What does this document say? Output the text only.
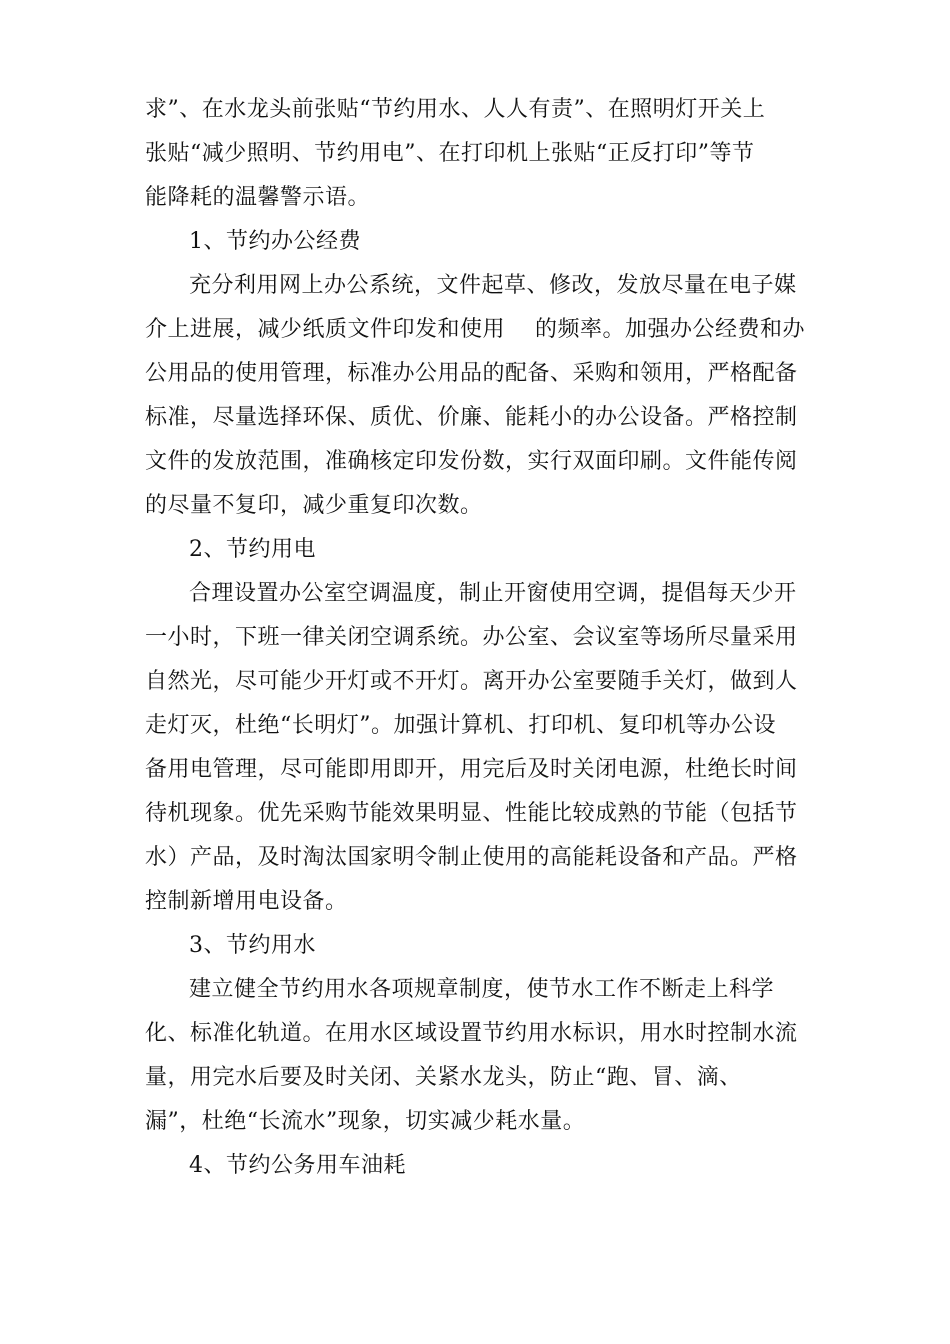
求”、在水龙头前张贴“节约用水、人人有责”、在照明灯开关上
张贴“减少照明、节约用电”、在打印机上张贴“正反打印”等节
能降耗的温馨警示语。
1、节约办公经费
充分利用网上办公系统，文件起草、修改，发放尽量在电子媒
介上进展，减少纸质文件印发和使用　 的频率。加强办公经费和办
公用品的使用管理，标准办公用品的配备、采购和领用，严格配备
标准，尽量选择环保、质优、价廉、能耗小的办公设备。严格控制
文件的发放范围，准确核定印发份数，实行双面印刷。文件能传阅
的尽量不复印，减少重复印次数。
2、节约用电
合理设置办公室空调温度，制止开窗使用空调，提倡每天少开
一小时，下班一律关闭空调系统。办公室、会议室等场所尽量采用
自然光，尽可能少开灯或不开灯。离开办公室要随手关灯，做到人
走灯灭，杜绝“长明灯”。加强计算机、打印机、复印机等办公设
备用电管理，尽可能即用即开，用完后及时关闭电源，杜绝长时间
待机现象。优先采购节能效果明显、性能比较成熟的节能（包括节
水）产品，及时淘汰国家明令制止使用的高能耗设备和产品。严格
控制新增用电设备。
3、节约用水
建立健全节约用水各项规章制度，使节水工作不断走上科学
化、标准化轨道。在用水区域设置节约用水标识，用水时控制水流
量，用完水后要及时关闭、关紧水龙头，防止“跑、冒、滴、
漏”，杜绝“长流水”现象，切实减少耗水量。
4、节约公务用车油耗
